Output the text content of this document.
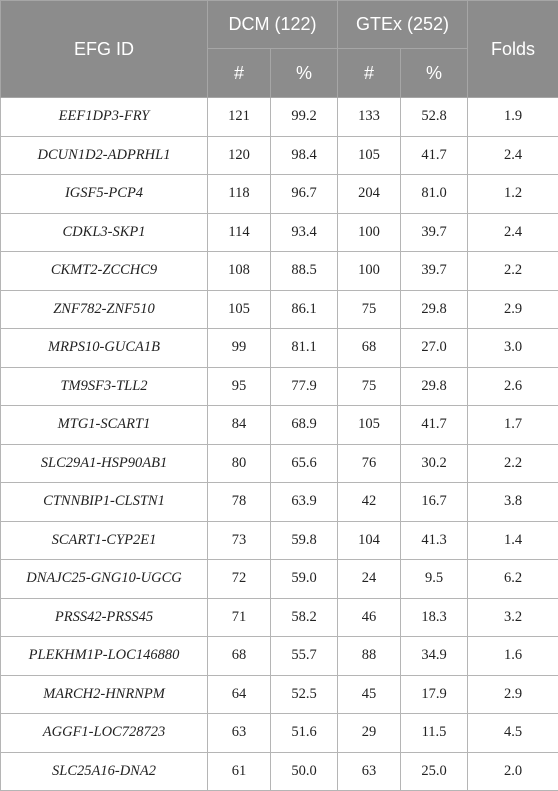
EFG ID	DCM (122)		GTEx (252)		Folds
	#	%	#	%	
EEF1DP3-FRY	121	99.2	133	52.8	1.9
DCUN1D2-ADPRHL1	120	98.4	105	41.7	2.4
IGSF5-PCP4	118	96.7	204	81.0	1.2
CDKL3-SKP1	114	93.4	100	39.7	2.4
CKMT2-ZCCHC9	108	88.5	100	39.7	2.2
ZNF782-ZNF510	105	86.1	75	29.8	2.9
MRPS10-GUCA1B	99	81.1	68	27.0	3.0
TM9SF3-TLL2	95	77.9	75	29.8	2.6
MTG1-SCART1	84	68.9	105	41.7	1.7
SLC29A1-HSP90AB1	80	65.6	76	30.2	2.2
CTNNBIP1-CLSTN1	78	63.9	42	16.7	3.8
SCART1-CYP2E1	73	59.8	104	41.3	1.4
DNAJC25-GNG10-UGCG	72	59.0	24	9.5	6.2
PRSS42-PRSS45	71	58.2	46	18.3	3.2
PLEKHM1P-LOC146880	68	55.7	88	34.9	1.6
MARCH2-HNRNPM	64	52.5	45	17.9	2.9
AGGF1-LOC728723	63	51.6	29	11.5	4.5
SLC25A16-DNA2	61	50.0	63	25.0	2.0
